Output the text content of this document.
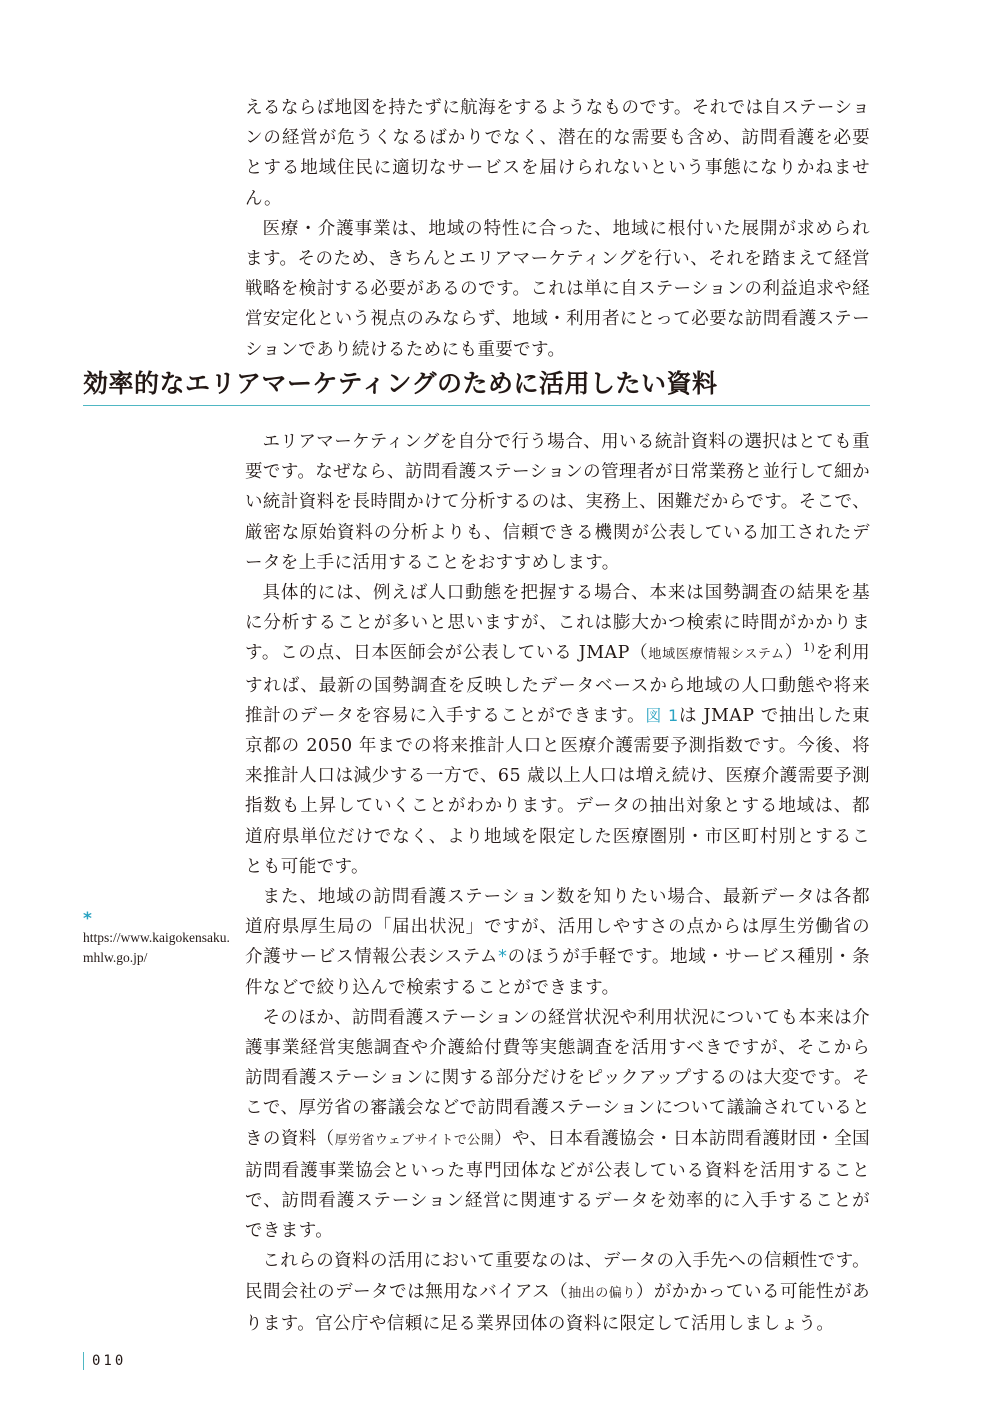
えるならば地図を持たずに航海をするようなものです。それでは自ステーションの経営が危うくなるばかりでなく、潜在的な需要も含め、訪問看護を必要とする地域住民に適切なサービスを届けられないという事態になりかねません。

医療・介護事業は、地域の特性に合った、地域に根付いた展開が求められます。そのため、きちんとエリアマーケティングを行い、それを踏まえて経営戦略を検討する必要があるのです。これは単に自ステーションの利益追求や経営安定化という視点のみならず、地域・利用者にとって必要な訪問看護ステーションであり続けるためにも重要です。

効率的なエリアマーケティングのために活用したい資料

エリアマーケティングを自分で行う場合、用いる統計資料の選択はとても重要です。なぜなら、訪問看護ステーションの管理者が日常業務と並行して細かい統計資料を長時間かけて分析するのは、実務上、困難だからです。そこで、厳密な原始資料の分析よりも、信頼できる機関が公表している加工されたデータを上手に活用することをおすすめします。

具体的には、例えば人口動態を把握する場合、本来は国勢調査の結果を基に分析することが多いと思いますが、これは膨大かつ検索に時間がかかります。この点、日本医師会が公表している JMAP（地域医療情報システム）$^{1)}$を利用すれば、最新の国勢調査を反映したデータベースから地域の人口動態や将来推計のデータを容易に入手することができます。図 1は JMAP で抽出した東京都の 2050 年までの将来推計人口と医療介護需要予測指数です。今後、将来推計人口は減少する一方で、65 歳以上人口は増え続け、医療介護需要予測指数も上昇していくことがわかります。データの抽出対象とする地域は、都道府県単位だけでなく、より地域を限定した医療圏別・市区町村別とすることも可能です。

また、地域の訪問看護ステーション数を知りたい場合、最新データは各都道府県厚生局の「届出状況」ですが、活用しやすさの点からは厚生労働省の介護サービス情報公表システム*のほうが手軽です。地域・サービス種別・条件などで絞り込んで検索することができます。

そのほか、訪問看護ステーションの経営状況や利用状況についても本来は介護事業経営実態調査や介護給付費等実態調査を活用すべきですが、そこから訪問看護ステーションに関する部分だけをピックアップするのは大変です。そこで、厚労省の審議会などで訪問看護ステーションについて議論されているときの資料（厚労省ウェブサイトで公開）や、日本看護協会・日本訪問看護財団・全国訪問看護事業協会といった専門団体などが公表している資料を活用することで、訪問看護ステーション経営に関連するデータを効率的に入手することができます。

これらの資料の活用において重要なのは、データの入手先への信頼性です。民間会社のデータでは無用なバイアス（抽出の偏り）がかかっている可能性があります。官公庁や信頼に足る業界団体の資料に限定して活用しましょう。

*
https://www.kaigokensaku.mhlw.go.jp/
010
